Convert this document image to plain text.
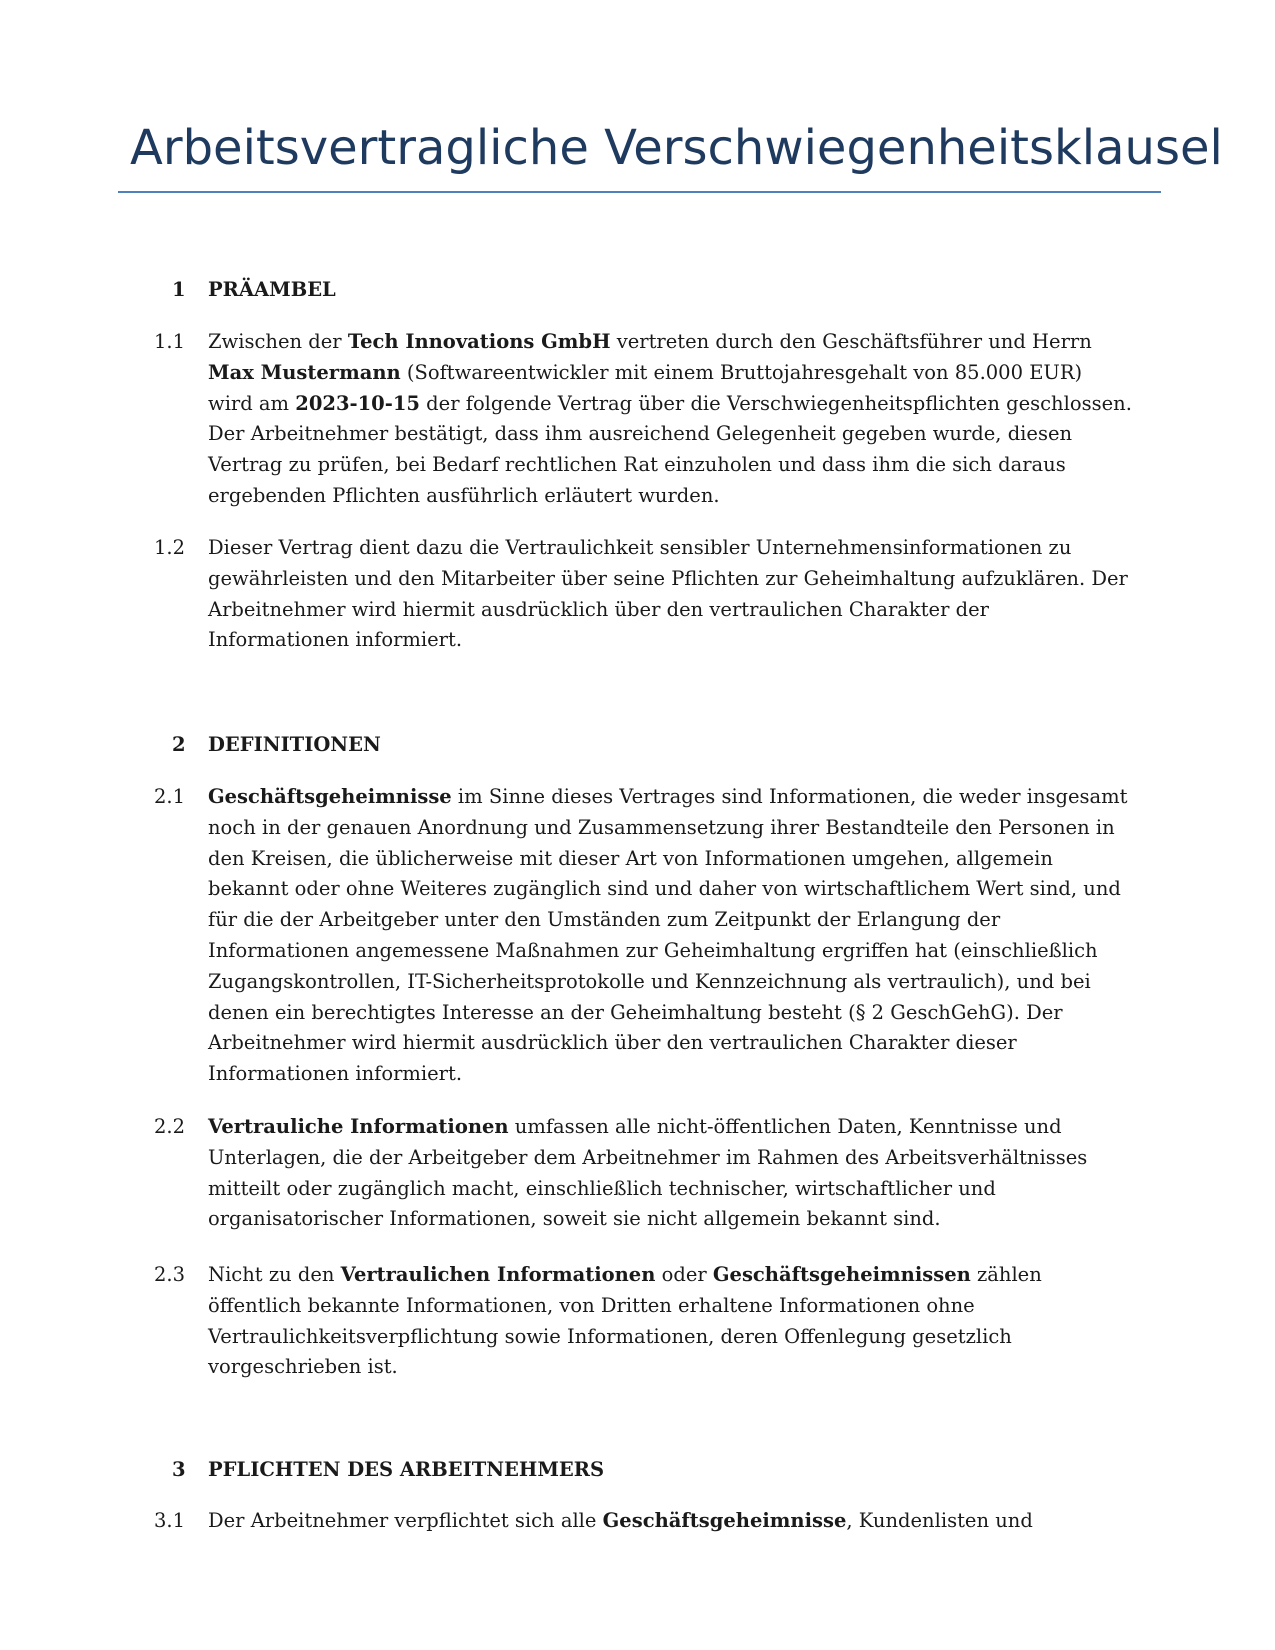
Arbeitsvertragliche Verschwiegenheitsklausel
1 PRÄAMBEL
1.1 Zwischen der Tech Innovations GmbH vertreten durch den Geschäftsführer und Herrn Max Mustermann (Softwareentwickler mit einem Bruttojahresgehalt von 85.000 EUR) wird am 2023-10-15 der folgende Vertrag über die Verschwiegenheitspflichten geschlossen. Der Arbeitnehmer bestätigt, dass ihm ausreichend Gelegenheit gegeben wurde, diesen Vertrag zu prüfen, bei Bedarf rechtlichen Rat einzuholen und dass ihm die sich daraus ergebenden Pflichten ausführlich erläutert wurden.
1.2 Dieser Vertrag dient dazu die Vertraulichkeit sensibler Unternehmensinformationen zu gewährleisten und den Mitarbeiter über seine Pflichten zur Geheimhaltung aufzuklären. Der Arbeitnehmer wird hiermit ausdrücklich über den vertraulichen Charakter der Informationen informiert.
2 DEFINITIONEN
2.1 Geschäftsgeheimnisse im Sinne dieses Vertrages sind Informationen, die weder insgesamt noch in der genauen Anordnung und Zusammensetzung ihrer Bestandteile den Personen in den Kreisen, die üblicherweise mit dieser Art von Informationen umgehen, allgemein bekannt oder ohne Weiteres zugänglich sind und daher von wirtschaftlichem Wert sind, und für die der Arbeitgeber unter den Umständen zum Zeitpunkt der Erlangung der Informationen angemessene Maßnahmen zur Geheimhaltung ergriffen hat (einschließlich Zugangskontrollen, IT-Sicherheitsprotokolle und Kennzeichnung als vertraulich), und bei denen ein berechtigtes Interesse an der Geheimhaltung besteht (§ 2 GeschGehG). Der Arbeitnehmer wird hiermit ausdrücklich über den vertraulichen Charakter dieser Informationen informiert.
2.2 Vertrauliche Informationen umfassen alle nicht-öffentlichen Daten, Kenntnisse und Unterlagen, die der Arbeitgeber dem Arbeitnehmer im Rahmen des Arbeitsverhältnisses mitteilt oder zugänglich macht, einschließlich technischer, wirtschaftlicher und organisatorischer Informationen, soweit sie nicht allgemein bekannt sind.
2.3 Nicht zu den Vertraulichen Informationen oder Geschäftsgeheimnissen zählen öffentlich bekannte Informationen, von Dritten erhaltene Informationen ohne Vertraulichkeitsverpflichtung sowie Informationen, deren Offenlegung gesetzlich vorgeschrieben ist.
3 PFLICHTEN DES ARBEITNEHMERS
3.1 Der Arbeitnehmer verpflichtet sich alle Geschäftsgeheimnisse, Kundenlisten und
